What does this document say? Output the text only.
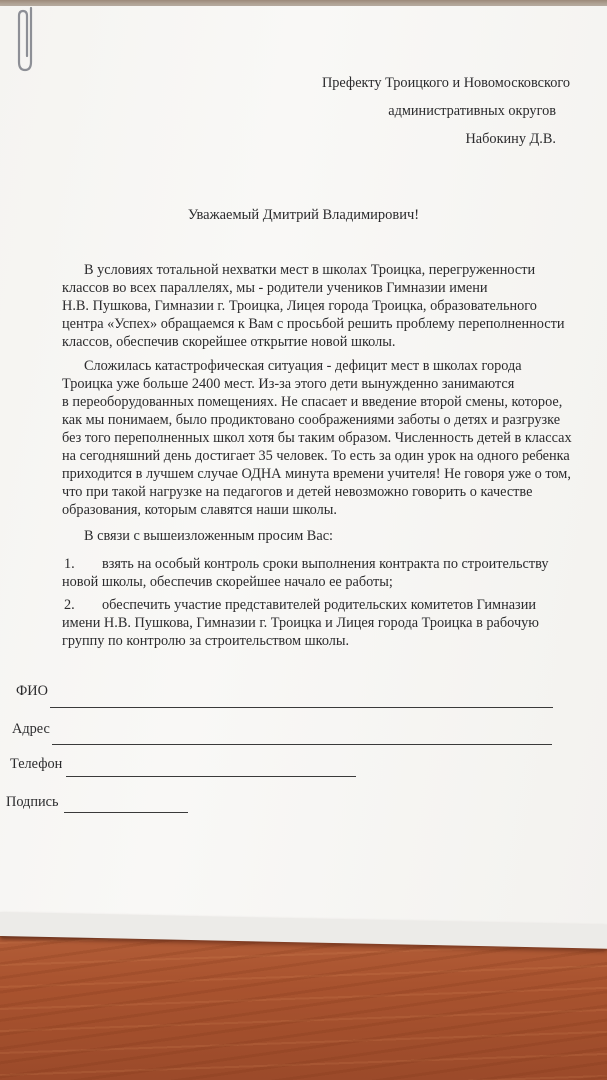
Префекту Троицкого и Новомосковского
административных округов
Набокину Д.В.
Уважаемый Дмитрий Владимирович!
В условиях тотальной нехватки мест в школах Троицка, перегруженности
классов во всех параллелях, мы - родители учеников Гимназии имени
Н.В. Пушкова, Гимназии г. Троицка, Лицея города Троицка, образовательного
центра «Успех» обращаемся к Вам с просьбой решить проблему переполненности
классов, обеспечив скорейшее открытие новой школы.
Сложилась катастрофическая ситуация - дефицит мест в школах города
Троицка уже больше 2400 мест. Из-за этого дети вынужденно занимаются
в переоборудованных помещениях. Не спасает и введение второй смены, которое,
как мы понимаем, было продиктовано соображениями заботы о детях и разгрузке
без того переполненных школ хотя бы таким образом. Численность детей в классах
на сегодняшний день достигает 35 человек. То есть за один урок на одного ребенка
приходится в лучшем случае ОДНА минута времени учителя! Не говоря уже о том,
что при такой нагрузке на педагогов и детей невозможно говорить о качестве
образования, которым славятся наши школы.
В связи с вышеизложенным просим Вас:
1. взять на особый контроль сроки выполнения контракта по строительству
новой школы, обеспечив скорейшее начало ее работы;
2. обеспечить участие представителей родительских комитетов Гимназии
имени Н.В. Пушкова, Гимназии г. Троицка и Лицея города Троицка в рабочую
группу по контролю за строительством школы.
ФИО
Адрес
Телефон
Подпись
